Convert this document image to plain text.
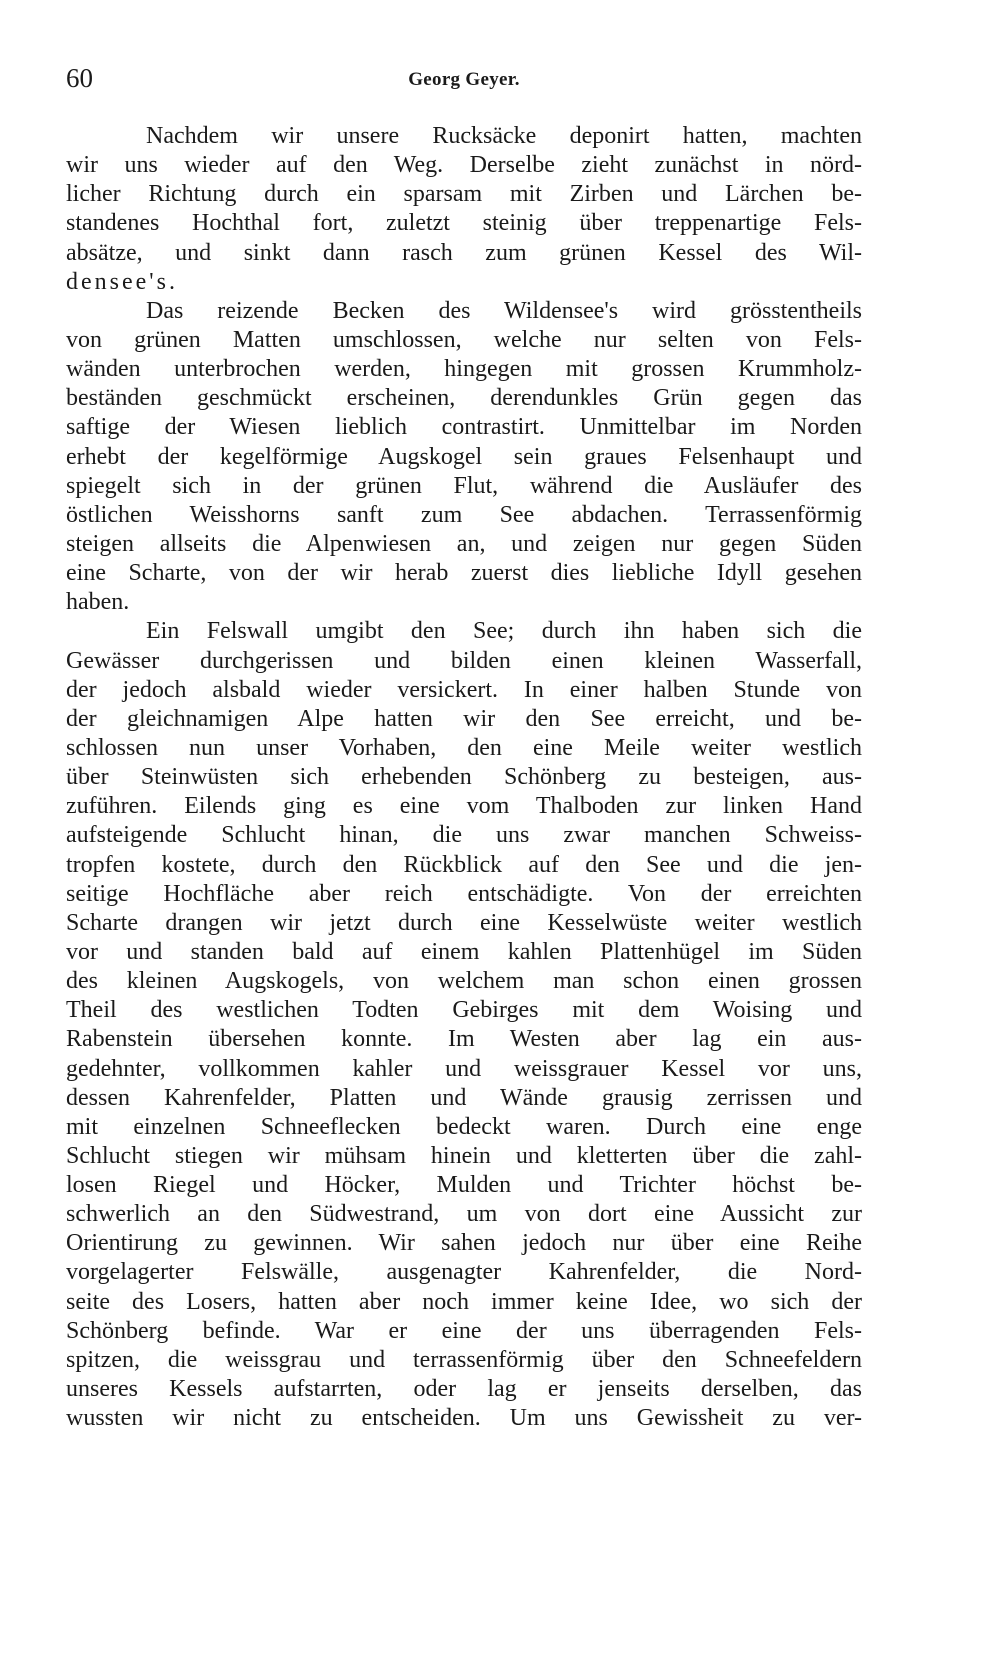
60	Georg Geyer.
Nachdem wir unsere Rucksäcke deponirt hatten, machten
wir uns wieder auf den Weg. Derselbe zieht zunächst in nörd-
licher Richtung durch ein sparsam mit Zirben und Lärchen be-
standenes Hochthal fort, zuletzt steinig über treppenartige Fels-
absätze, und sinkt dann rasch zum grünen Kessel des Wil-
densee's.
Das reizende Becken des Wildensee's wird grösstentheils
von grünen Matten umschlossen, welche nur selten von Fels-
wänden unterbrochen werden, hingegen mit grossen Krummholz-
beständen geschmückt erscheinen, derendunkles Grün gegen das
saftige der Wiesen lieblich contrastirt. Unmittelbar im Norden
erhebt der kegelförmige Augskogel sein graues Felsenhaupt und
spiegelt sich in der grünen Flut, während die Ausläufer des
östlichen Weisshorns sanft zum See abdachen. Terrassenförmig
steigen allseits die Alpenwiesen an, und zeigen nur gegen Süden
eine Scharte, von der wir herab zuerst dies liebliche Idyll gesehen
haben.
Ein Felswall umgibt den See; durch ihn haben sich die
Gewässer durchgerissen und bilden einen kleinen Wasserfall,
der jedoch alsbald wieder versickert. In einer halben Stunde von
der gleichnamigen Alpe hatten wir den See erreicht, und be-
schlossen nun unser Vorhaben, den eine Meile weiter westlich
über Steinwüsten sich erhebenden Schönberg zu besteigen, aus-
zuführen. Eilends ging es eine vom Thalboden zur linken Hand
aufsteigende Schlucht hinan, die uns zwar manchen Schweiss-
tropfen kostete, durch den Rückblick auf den See und die jen-
seitige Hochfläche aber reich entschädigte. Von der erreichten
Scharte drangen wir jetzt durch eine Kesselwüste weiter westlich
vor und standen bald auf einem kahlen Plattenhügel im Süden
des kleinen Augskogels, von welchem man schon einen grossen
Theil des westlichen Todten Gebirges mit dem Woising und
Rabenstein übersehen konnte. Im Westen aber lag ein aus-
gedehnter, vollkommen kahler und weissgrauer Kessel vor uns,
dessen Kahrenfelder, Platten und Wände grausig zerrissen und
mit einzelnen Schneeflecken bedeckt waren. Durch eine enge
Schlucht stiegen wir mühsam hinein und kletterten über die zahl-
losen Riegel und Höcker, Mulden und Trichter höchst be-
schwerlich an den Südwestrand, um von dort eine Aussicht zur
Orientirung zu gewinnen. Wir sahen jedoch nur über eine Reihe
vorgelagerter Felswälle, ausgenagter Kahrenfelder, die Nord-
seite des Losers, hatten aber noch immer keine Idee, wo sich der
Schönberg befinde. War er eine der uns überragenden Fels-
spitzen, die weissgrau und terrassenförmig über den Schneefeldern
unseres Kessels aufstarrten, oder lag er jenseits derselben, das
wussten wir nicht zu entscheiden. Um uns Gewissheit zu ver-
